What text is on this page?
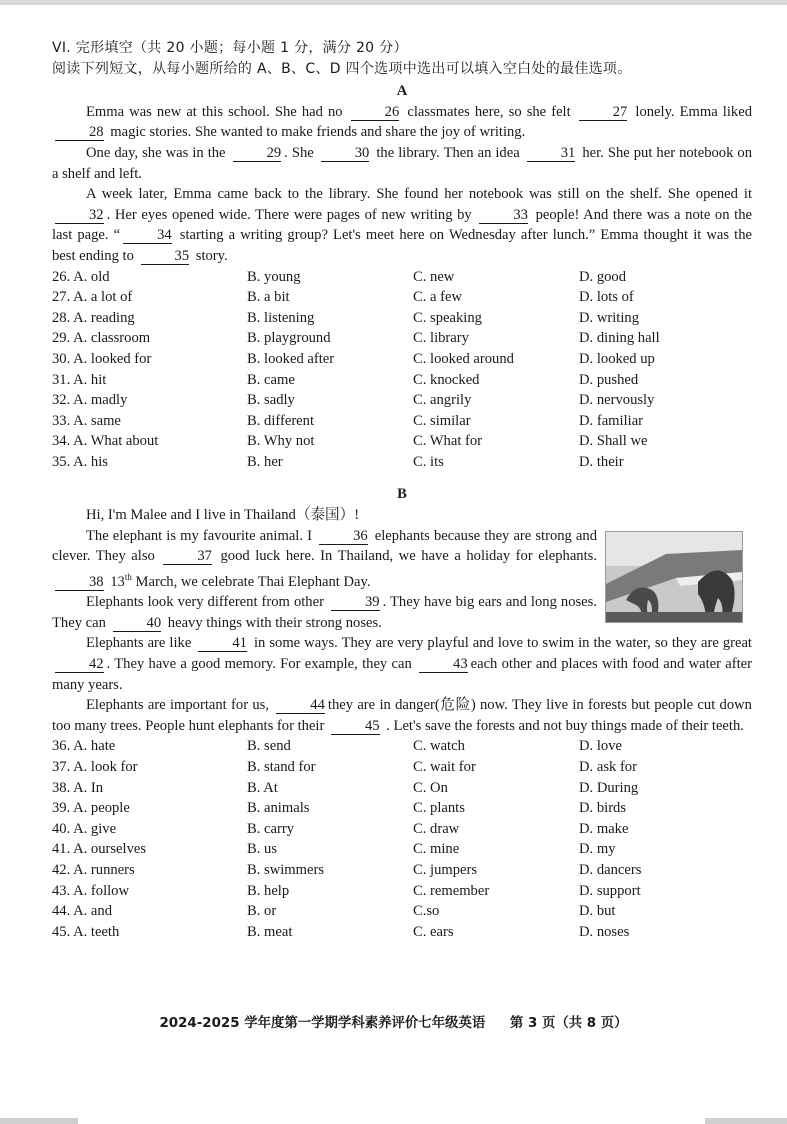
VI. 完形填空（共 20 小题；每小题 1 分，满分 20 分）
阅读下列短文，从每小题所给的 A、B、C、D 四个选项中选出可以填入空白处的最佳选项。
A

Emma was new at this school. She had no	26 classmates here, so she felt	27 lonely. Emma liked 28 magic stories. She wanted to make friends and share the joy of writing.

One day, she was in the	29 . She	30 the library. Then an idea	31 her. She put her notebook on a shelf and left.

A week later, Emma came back to the library. She found her notebook was still on the shelf. She opened it 32 . Her eyes opened wide. There were pages of new writing by	33 people! And there was a note on the last page. “	34 starting a writing group? Let's meet here on Wednesday after lunch.” Emma thought it was the best ending to	35 story.

26. A. old	B. young	C. new	D. good
27. A. a lot of	B. a bit	C. a few	D. lots of
28. A. reading	B. listening	C. speaking	D. writing
29. A. classroom	B. playground	C. library	D. dining hall
30. A. looked for	B. looked after	C. looked around	D. looked up
31. A. hit	B. came	C. knocked	D. pushed
32. A. madly	B. sadly	C. angrily	D. nervously
33. A. same	B. different	C. similar	D. familiar
34. A. What about	B. Why not	C. What for	D. Shall we
35. A. his	B. her	C. its	D. their
B
Hi, I'm Malee and I live in Thailand（泰国）!

The elephant is my favourite animal. I	36 elephants because they are strong and clever. They also	37 good luck here. In Thailand, we have a holiday for elephants. 38 13th March, we celebrate Thai Elephant Day.

Elephants look very different from other	39 . They have big ears and long noses. They can	40 heavy things with their strong noses.

Elephants are like	41 in some ways. They are very playful and love to swim in the water, so they are great 42 . They have a good memory. For example, they can	43 each other and places with food and water after many years.

Elephants are important for us,	44 they are in danger(危险) now. They live in forests but people cut down too many trees. People hunt elephants for their	45 . Let's save the forests and not buy things made of their teeth.

36. A. hate	B. send	C. watch	D. love
37. A. look for	B. stand for	C. wait for	D. ask for
38. A. In	B. At	C. On	D. During
39. A. people	B. animals	C. plants	D. birds
40. A. give	B. carry	C. draw	D. make
41. A. ourselves	B. us	C. mine	D. my
42. A. runners	B. swimmers	C. jumpers	D. dancers
43. A. follow	B. help	C. remember	D. support
44. A. and	B. or	C.so	D. but
45. A. teeth	B. meat	C. ears	D. noses
2024-2025 学年度第一学期学科素养评价七年级英语 第 3 页（共 8 页）
